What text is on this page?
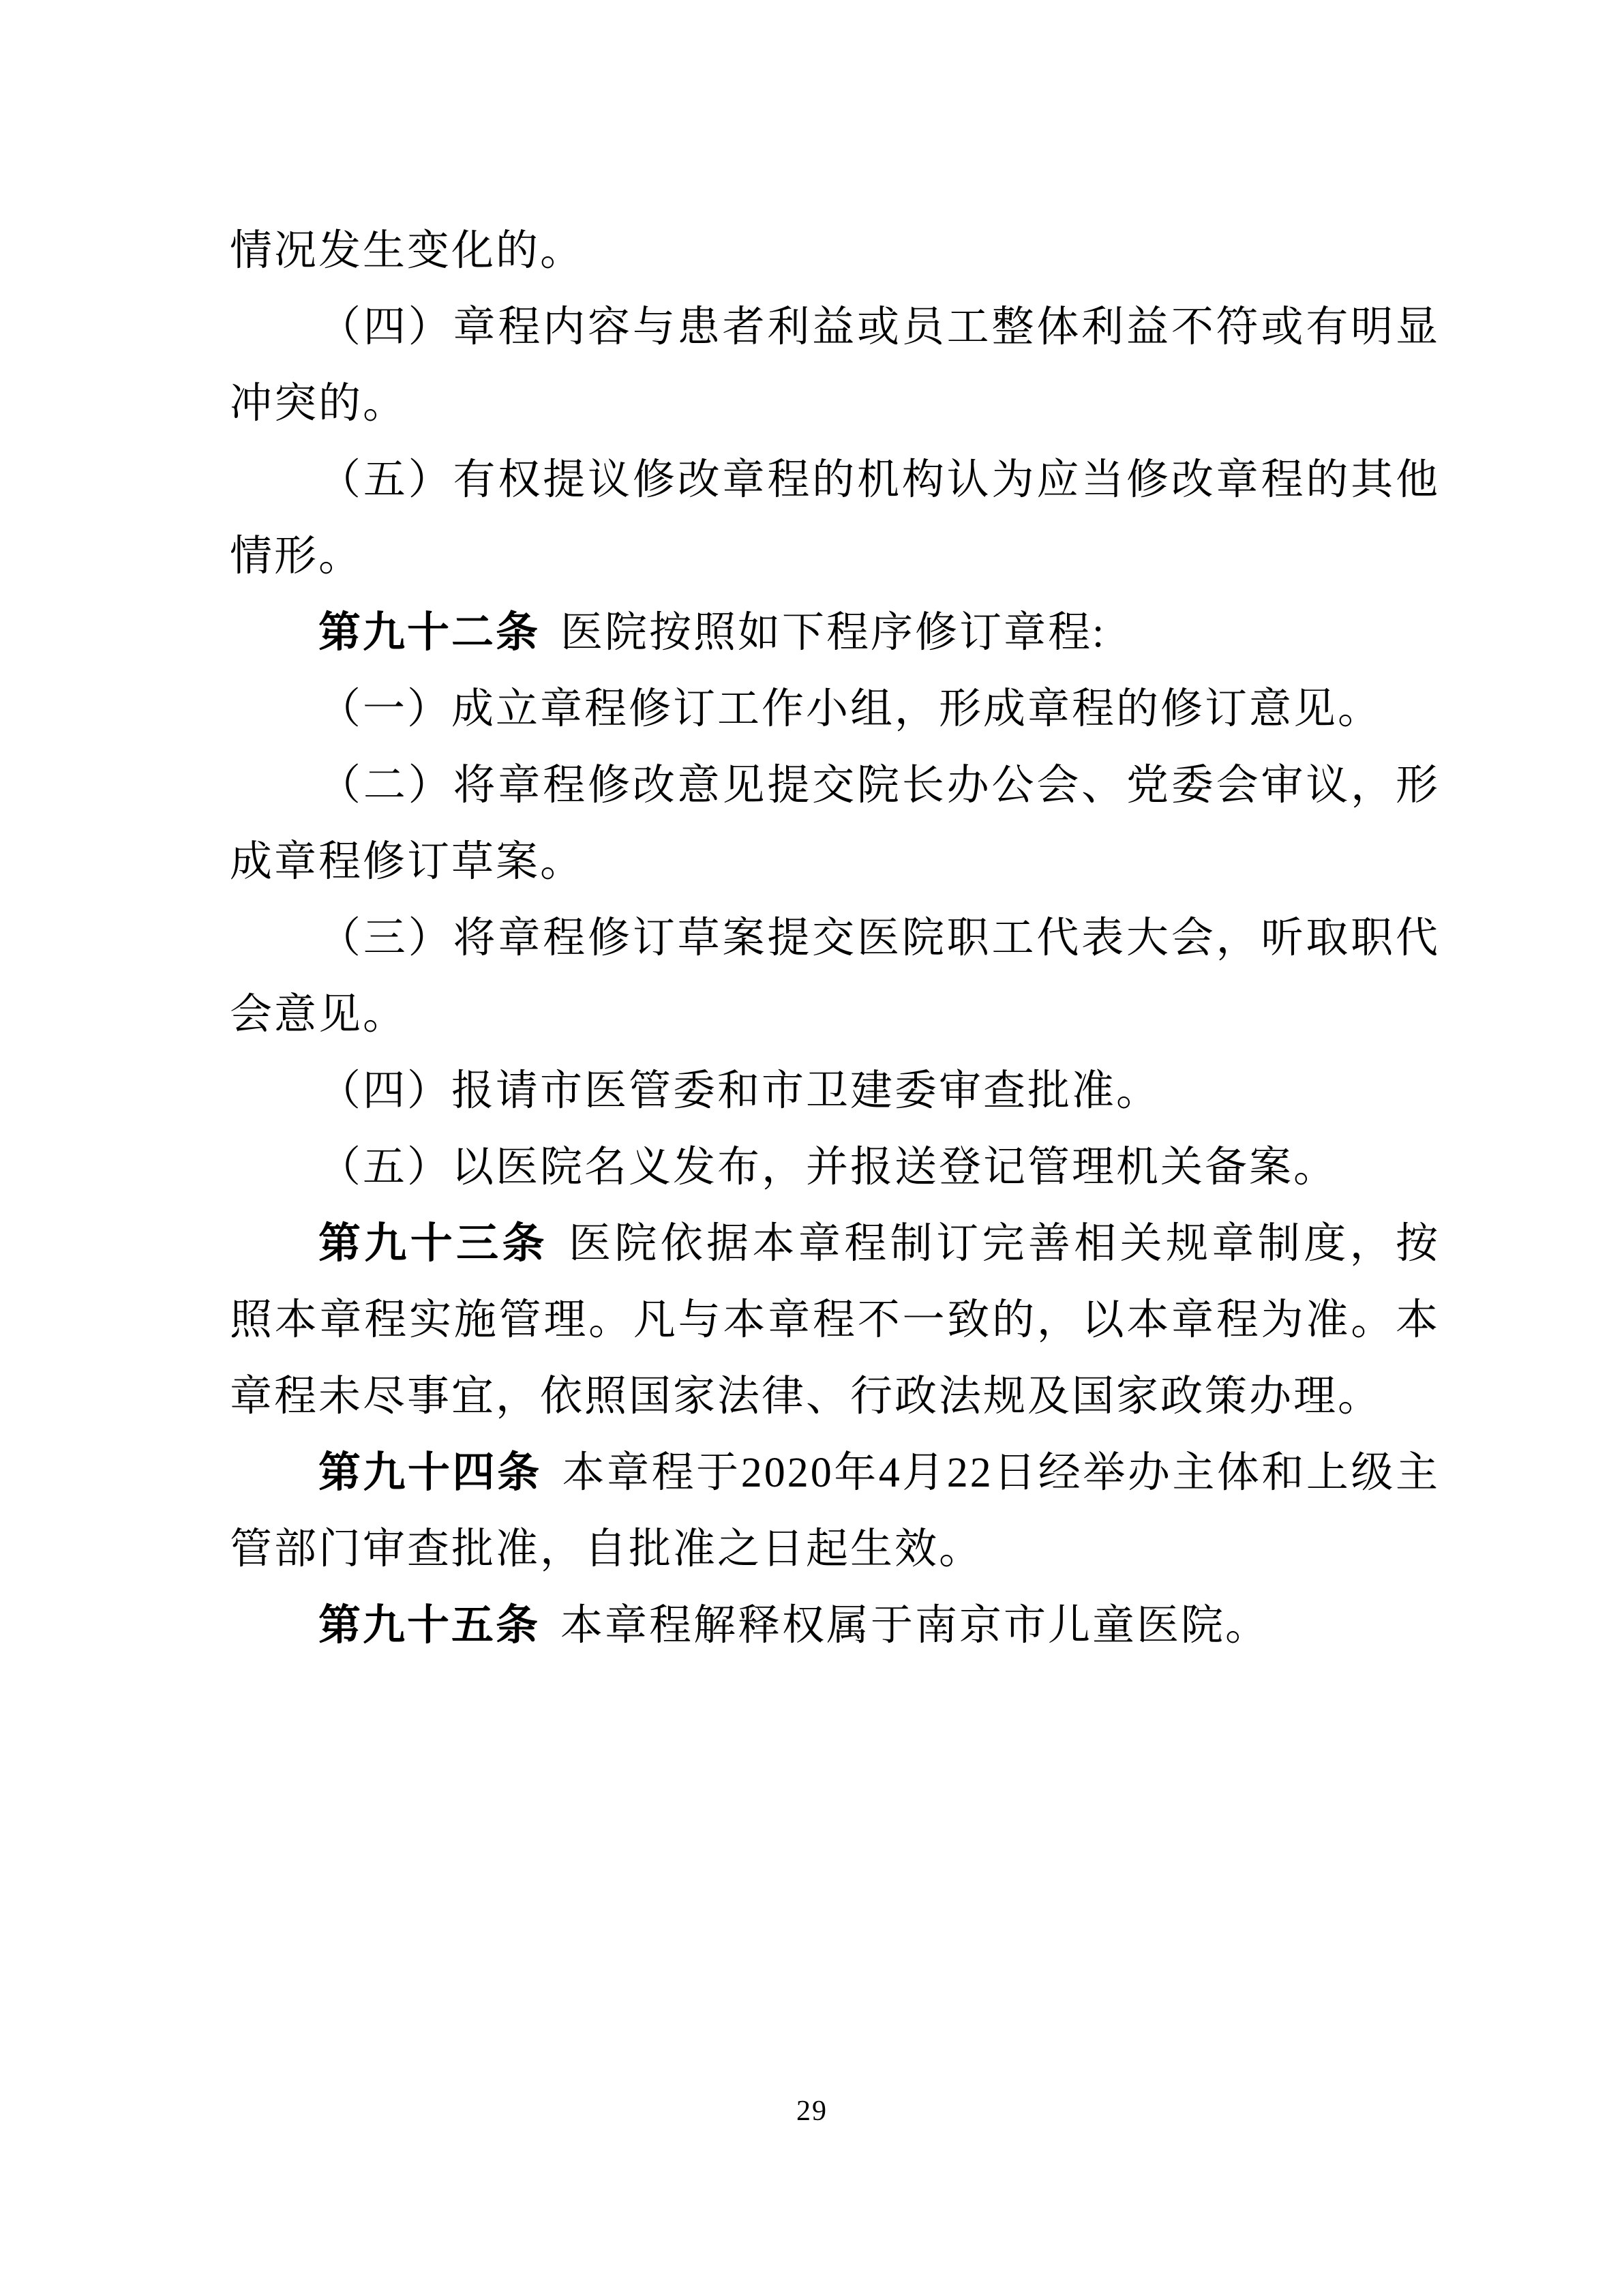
情况发生变化的。

（四）章程内容与患者利益或员工整体利益不符或有明显冲突的。

（五）有权提议修改章程的机构认为应当修改章程的其他情形。

第九十二条 医院按照如下程序修订章程:

（一）成立章程修订工作小组，形成章程的修订意见。

（二）将章程修改意见提交院长办公会、党委会审议，形成章程修订草案。

（三）将章程修订草案提交医院职工代表大会，听取职代会意见。

（四）报请市医管委和市卫建委审查批准。

（五）以医院名义发布，并报送登记管理机关备案。

第九十三条 医院依据本章程制订完善相关规章制度，按照本章程实施管理。凡与本章程不一致的，以本章程为准。本章程未尽事宜，依照国家法律、行政法规及国家政策办理。

第九十四条 本章程于2020年4月22日经举办主体和上级主管部门审查批准，自批准之日起生效。

第九十五条 本章程解释权属于南京市儿童医院。

29
